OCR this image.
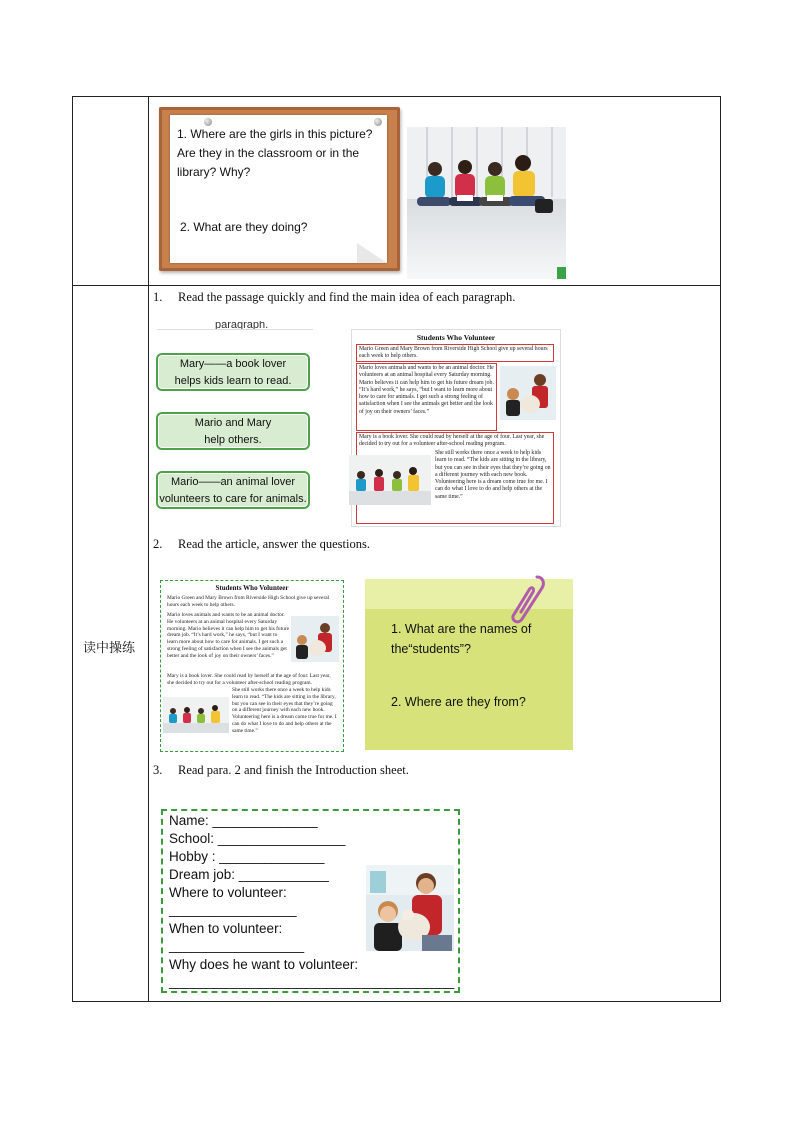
读中操练
1. Where are the girls in this picture?
Are they in the classroom or in the
library? Why?
2. What are they doing?
1.     Read the passage quickly and find the main idea of each paragraph.
paragraph.
Mary——a book lover
helps kids learn to read.
Mario and Mary
help others.
Mario——an animal lover
volunteers to care for animals.
Students Who Volunteer
Mario Green and Mary Brown from Riverside High School give up several hours each week to help others.
Mario loves animals and wants to be an animal doctor. He volunteers at an animal hospital every Saturday morning. Mario believes it can help him to get his future dream job. “It’s hard work,” he says, “but I want to learn more about how to care for animals. I get such a strong feeling of satisfaction when I see the animals get better and the look of joy on their owners’ faces.”
Mary is a book lover. She could read by herself at the age of four. Last year, she decided to try out for a volunteer after-school reading program.
She still works there once a week to help kids learn to read. “The kids are sitting in the library, but you can see in their eyes that they’re going on a different journey with each new book. Volunteering here is a dream come true for me. I can do what I love to do and help others at the same time.”
2.     Read the article, answer the questions.
Students Who Volunteer
Mario Green and Mary Brown from Riverside High School give up several hours each week to help others.
Mario loves animals and wants to be an animal doctor. He volunteers at an animal hospital every Saturday morning. Mario believes it can help him to get his future dream job. “It’s hard work,” he says, “but I want to learn more about how to care for animals. I get such a strong feeling of satisfaction when I see the animals get better and the look of joy on their owners’ faces.”
Mary is a book lover. She could read by herself at the age of four. Last year, she decided to try out for a volunteer after-school reading program.
She still works there once a week to help kids learn to read. “The kids are sitting in the library, but you can see in their eyes that they’re going on a different journey with each new book. Volunteering here is a dream come true for me. I can do what I love to do and help others at the same time.”
1. What are the names of
the“students”?
2. Where are they from?
3.     Read para. 2 and finish the Introduction sheet.
Name: ______________
School: _________________
Hobby : ______________
Dream job: ____________
Where to volunteer:
_________________
When to volunteer:
__________________
Why does he want to volunteer:
______________________________________
